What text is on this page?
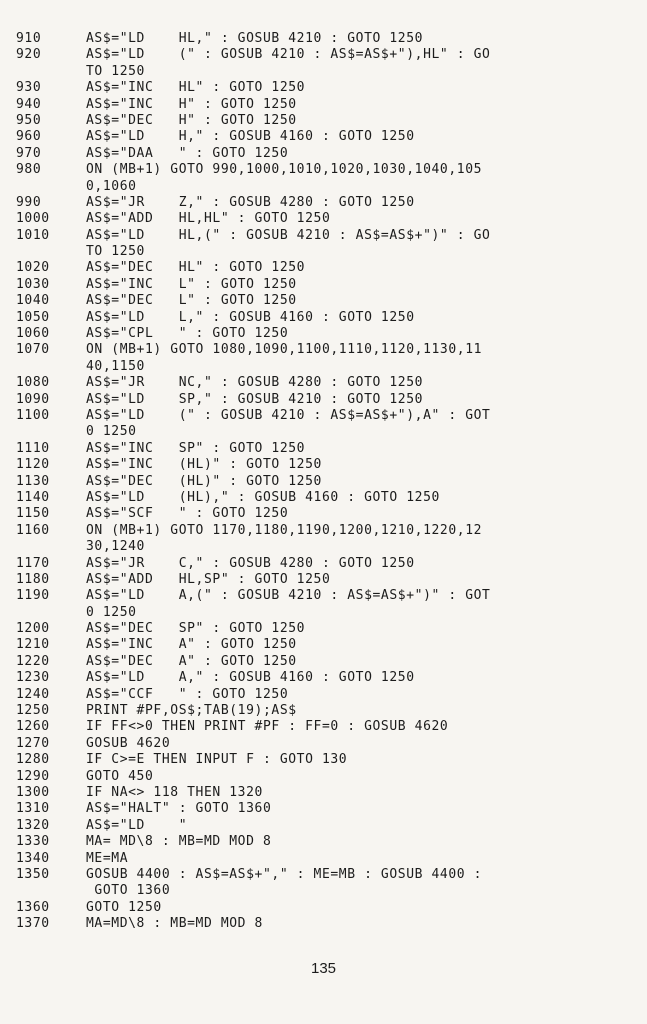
910	AS$="LD    HL," : GOSUB 4210 : GOTO 1250
920	AS$="LD    (" : GOSUB 4210 : AS$=AS$+"),HL" : GO
TO 1250
930	AS$="INC   HL" : GOTO 1250
940	AS$="INC   H" : GOTO 1250
950	AS$="DEC   H" : GOTO 1250
960	AS$="LD    H," : GOSUB 4160 : GOTO 1250
970	AS$="DAA   " : GOTO 1250
980	ON (MB+1) GOTO 990,1000,1010,1020,1030,1040,105
0,1060
990	AS$="JR    Z," : GOSUB 4280 : GOTO 1250
1000	AS$="ADD   HL,HL" : GOTO 1250
1010	AS$="LD    HL,(" : GOSUB 4210 : AS$=AS$+")" : GO
TO 1250
1020	AS$="DEC   HL" : GOTO 1250
1030	AS$="INC   L" : GOTO 1250
1040	AS$="DEC   L" : GOTO 1250
1050	AS$="LD    L," : GOSUB 4160 : GOTO 1250
1060	AS$="CPL   " : GOTO 1250
1070	ON (MB+1) GOTO 1080,1090,1100,1110,1120,1130,11
40,1150
1080	AS$="JR    NC," : GOSUB 4280 : GOTO 1250
1090	AS$="LD    SP," : GOSUB 4210 : GOTO 1250
1100	AS$="LD    (" : GOSUB 4210 : AS$=AS$+"),A" : GOT
0 1250
1110	AS$="INC   SP" : GOTO 1250
1120	AS$="INC   (HL)" : GOTO 1250
1130	AS$="DEC   (HL)" : GOTO 1250
1140	AS$="LD    (HL)," : GOSUB 4160 : GOTO 1250
1150	AS$="SCF   " : GOTO 1250
1160	ON (MB+1) GOTO 1170,1180,1190,1200,1210,1220,12
30,1240
1170	AS$="JR    C," : GOSUB 4280 : GOTO 1250
1180	AS$="ADD   HL,SP" : GOTO 1250
1190	AS$="LD    A,(" : GOSUB 4210 : AS$=AS$+")" : GOT
0 1250
1200	AS$="DEC   SP" : GOTO 1250
1210	AS$="INC   A" : GOTO 1250
1220	AS$="DEC   A" : GOTO 1250
1230	AS$="LD    A," : GOSUB 4160 : GOTO 1250
1240	AS$="CCF   " : GOTO 1250
1250	PRINT #PF,OS$;TAB(19);AS$
1260	IF FF<>0 THEN PRINT #PF : FF=0 : GOSUB 4620
1270	GOSUB 4620
1280	IF C>=E THEN INPUT F : GOTO 130
1290	GOTO 450
1300	IF NA<> 118 THEN 1320
1310	AS$="HALT" : GOTO 1360
1320	AS$="LD    "
1330	MA= MD\8 : MB=MD MOD 8
1340	ME=MA
1350	GOSUB 4400 : AS$=AS$+"," : ME=MB : GOSUB 4400 :
GOTO 1360
1360	GOTO 1250
1370	MA=MD\8 : MB=MD MOD 8
135
